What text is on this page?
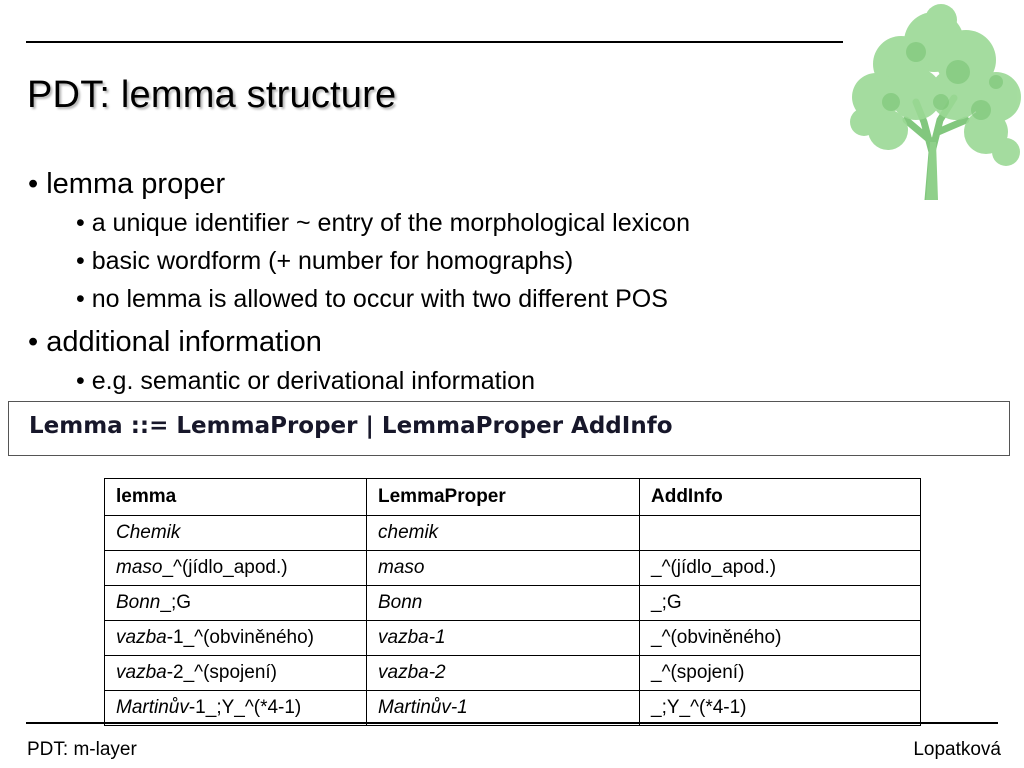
PDT: lemma structure
• lemma proper
• a unique identifier ~ entry of the morphological lexicon
• basic wordform (+ number for homographs)
• no lemma is allowed to occur with two different POS
• additional information
• e.g. semantic or derivational information
Lemma ::= LemmaProper | LemmaProper AddInfo
lemma	LemmaProper	AddInfo
Chemik	chemik	
maso_^(jídlo_apod.)	maso	_^(jídlo_apod.)
Bonn_;G	Bonn	_;G
vazba-1_^(obviněného)	vazba-1	_^(obviněného)
vazba-2_^(spojení)	vazba-2	_^(spojení)
Martinův-1_;Y_^(*4-1)	Martinův-1	_;Y_^(*4-1)
PDT: m-layer	Lopatková
